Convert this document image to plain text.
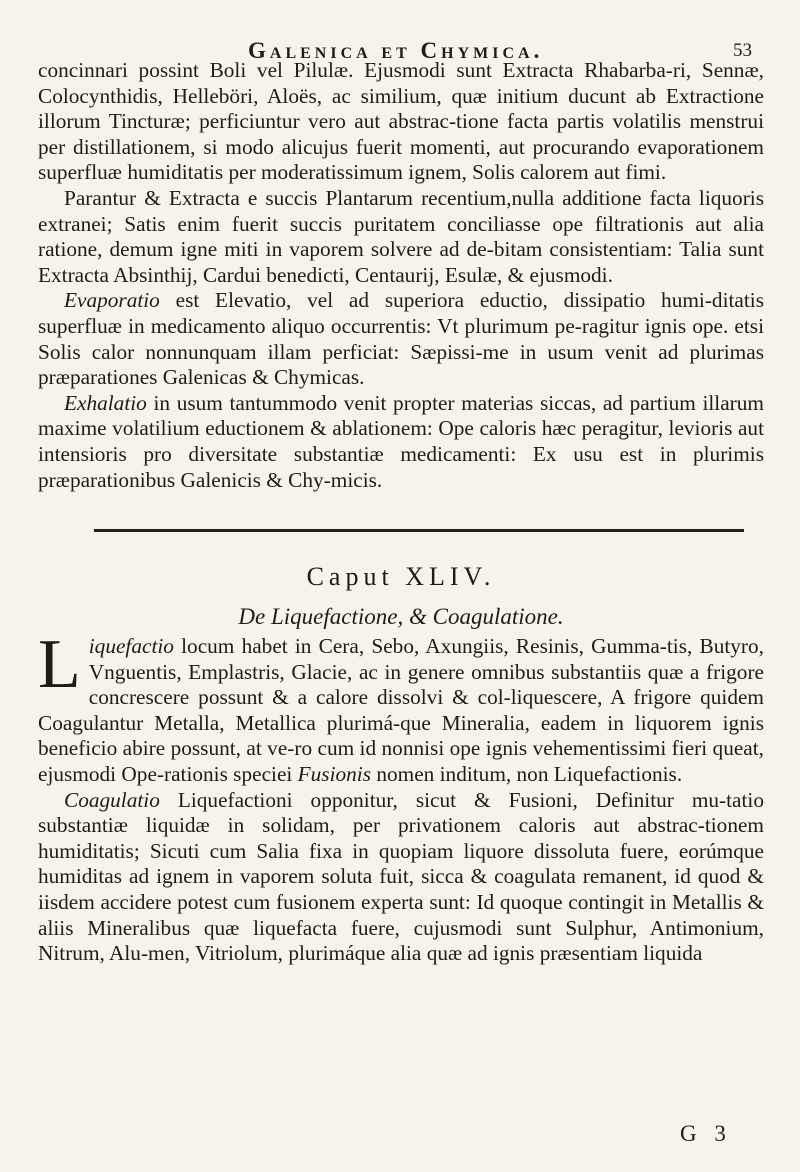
Galenica et Chymica.	53

concinnari possint Boli vel Pilulæ. Ejusmodi sunt Extracta Rhabarba-ri, Sennæ, Colocynthidis, Helleböri, Aloës, ac similium, quæ initium ducunt ab Extractione illorum Tincturæ; perficiuntur vero aut abstrac-tione facta partis volatilis menstrui per distillationem, si modo alicujus fuerit momenti, aut procurando evaporationem superfluæ humiditatis per moderatissimum ignem, Solis calorem aut fimi.

Parantur & Extracta e succis Plantarum recentium,nulla additione facta liquoris extranei; Satis enim fuerit succis puritatem conciliasse ope filtrationis aut alia ratione, demum igne miti in vaporem solvere ad de-bitam consistentiam: Talia sunt Extracta Absinthij, Cardui benedicti, Centaurij, Esulæ, & ejusmodi.

Evaporatio est Elevatio, vel ad superiora eductio, dissipatio humi-ditatis superfluæ in medicamento aliquo occurrentis: Vt plurimum pe-ragitur ignis ope. etsi Solis calor nonnunquam illam perficiat: Sæpissi-me in usum venit ad plurimas præparationes Galenicas & Chymicas.

Exhalatio in usum tantummodo venit propter materias siccas, ad partium illarum maxime volatilium eductionem & ablationem: Ope caloris hæc peragitur, levioris aut intensioris pro diversitate substantiæ medicamenti: Ex usu est in plurimis præparationibus Galenicis & Chy-micis.

Caput XLIV.
De Liquefactione, & Coagulatione.

Liquefactio locum habet in Cera, Sebo, Axungiis, Resinis, Gumma-tis, Butyro, Vnguentis, Emplastris, Glacie, ac in genere omnibus substantiis quæ a frigore concrescere possunt & a calore dissolvi & col-liquescere, A frigore quidem Coagulantur Metalla, Metallica plurimá-que Mineralia, eadem in liquorem ignis beneficio abire possunt, at ve-ro cum id nonnisi ope ignis vehementissimi fieri queat, ejusmodi Ope-rationis speciei Fusionis nomen inditum, non Liquefactionis.

Coagulatio Liquefactioni opponitur, sicut & Fusioni, Definitur mu-tatio substantiæ liquidæ in solidam, per privationem caloris aut abstrac-tionem humiditatis; Sicuti cum Salia fixa in quopiam liquore dissoluta fuere, eorúmque humiditas ad ignem in vaporem soluta fuit, sicca & coagulata remanent, id quod & iisdem accidere potest cum fusionem experta sunt: Id quoque contingit in Metallis & aliis Mineralibus quæ liquefacta fuere, cujusmodi sunt Sulphur, Antimonium, Nitrum, Alu-men, Vitriolum, plurimáque alia quæ ad ignis præsentiam liquida

G 3
